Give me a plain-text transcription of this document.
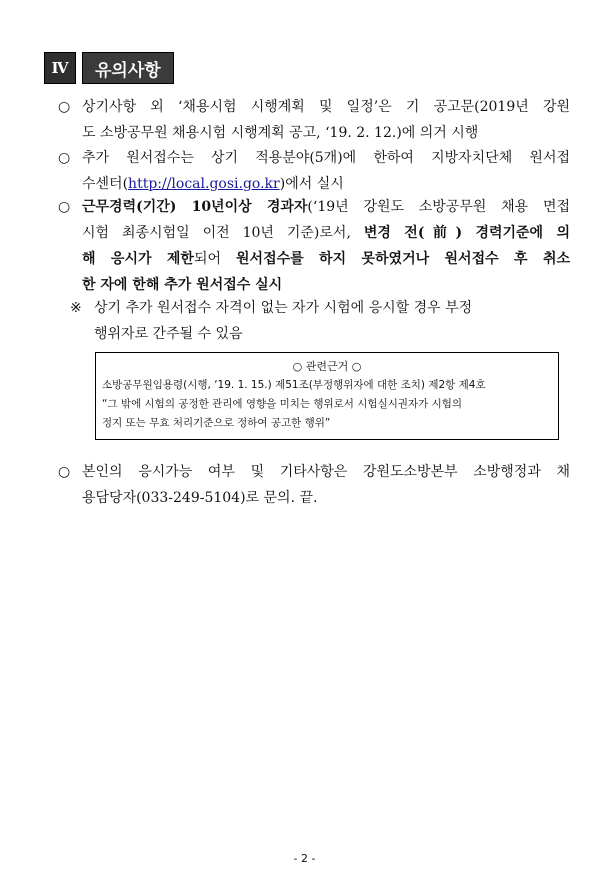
Ⅳ	유의사항
○ 상기사항 외 ‘채용시험 시행계획 및 일정’은 기 공고문(2019년 강원
도 소방공무원 채용시험 시행계획 공고, ‘19. 2. 12.)에 의거 시행
○ 추가 원서접수는 상기 적용분야(5개)에 한하여 지방자치단체 원서접
수센터(http://local.gosi.go.kr)에서 실시
○ 근무경력(기간) 10년이상 경과자(‘19년 강원도 소방공무원 채용 면접
시험 최종시험일 이전 10년 기준)로서, 변경 전(前) 경력기준에 의
해 응시가 제한되어 원서접수를 하지 못하였거나 원서접수 후 취소
한 자에 한해 추가 원서접수 실시
※ 상기 추가 원서접수 자격이 없는 자가 시험에 응시할 경우 부정
행위자로 간주될 수 있음
○ 관련근거 ○
소방공무원임용령(시행, ‘19. 1. 15.) 제51조(부정행위자에 대한 조치) 제2항 제4호
“그 밖에 시험의 공정한 관리에 영향을 미치는 행위로서 시험실시권자가 시험의
정지 또는 무효 처리기준으로 정하여 공고한 행위”
○ 본인의 응시가능 여부 및 기타사항은 강원도소방본부 소방행정과 채
용담당자(033-249-5104)로 문의. 끝.
- 2 -
